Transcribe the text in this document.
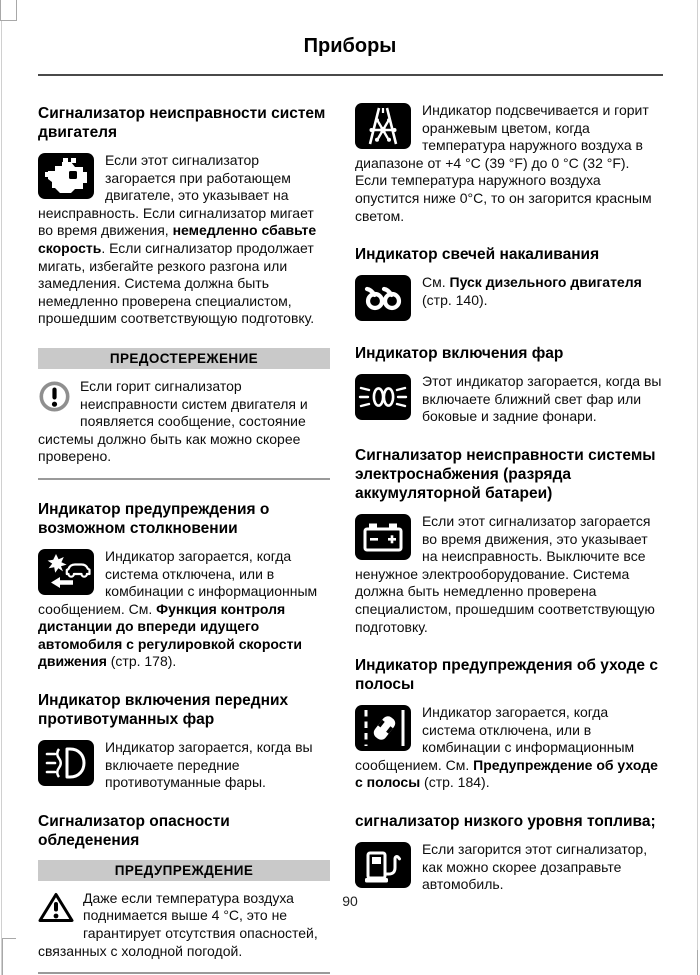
Приборы
Сигнализатор неисправности систем двигателя

Если этот сигнализатор загорается при работающем двигателе, это указывает на неисправность. Если сигнализатор мигает во время движения, немедленно сбавьте скорость. Если сигнализатор продолжает мигать, избегайте резкого разгона или замедления. Система должна быть немедленно проверена специалистом, прошедшим соответствующую подготовку.

ПРЕДОСТЕРЕЖЕНИЕ

Если горит сигнализатор неисправности систем двигателя и появляется сообщение, состояние системы должно быть как можно скорее проверено.

Индикатор предупреждения о возможном столкновении

Индикатор загорается, когда система отключена, или в комбинации с информационным сообщением. См. Функция контроля дистанции до впереди идущего автомобиля с регулировкой скорости движения (стр. 178).

Индикатор включения передних противотуманных фар

Индикатор загорается, когда вы включаете передние противотуманные фары.

Сигнализатор опасности обледенения
ПРЕДУПРЕЖДЕНИЕ

Даже если температура воздуха поднимается выше 4 °C, это не гарантирует отсутствия опасностей, связанных с холодной погодой.

Индикатор подсвечивается и горит оранжевым цветом, когда температура наружного воздуха в диапазоне от +4 °C (39 °F) до 0 °C (32 °F). Если температура наружного воздуха опустится ниже 0°C, то он загорится красным светом.

Индикатор свечей накаливания

См. Пуск дизельного двигателя (стр. 140).

Индикатор включения фар

Этот индикатор загорается, когда вы включаете ближний свет фар или боковые и задние фонари.

Сигнализатор неисправности системы электроснабжения (разряда аккумуляторной батареи)

Если этот сигнализатор загорается во время движения, это указывает на неисправность. Выключите все ненужное электрооборудование. Система должна быть немедленно проверена специалистом, прошедшим соответствующую подготовку.

Индикатор предупреждения об уходе с полосы

Индикатор загорается, когда система отключена, или в комбинации с информационным сообщением. См. Предупреждение об уходе с полосы (стр. 184).

сигнализатор низкого уровня топлива;

Если загорится этот сигнализатор, как можно скорее дозаправьте автомобиль.

90
